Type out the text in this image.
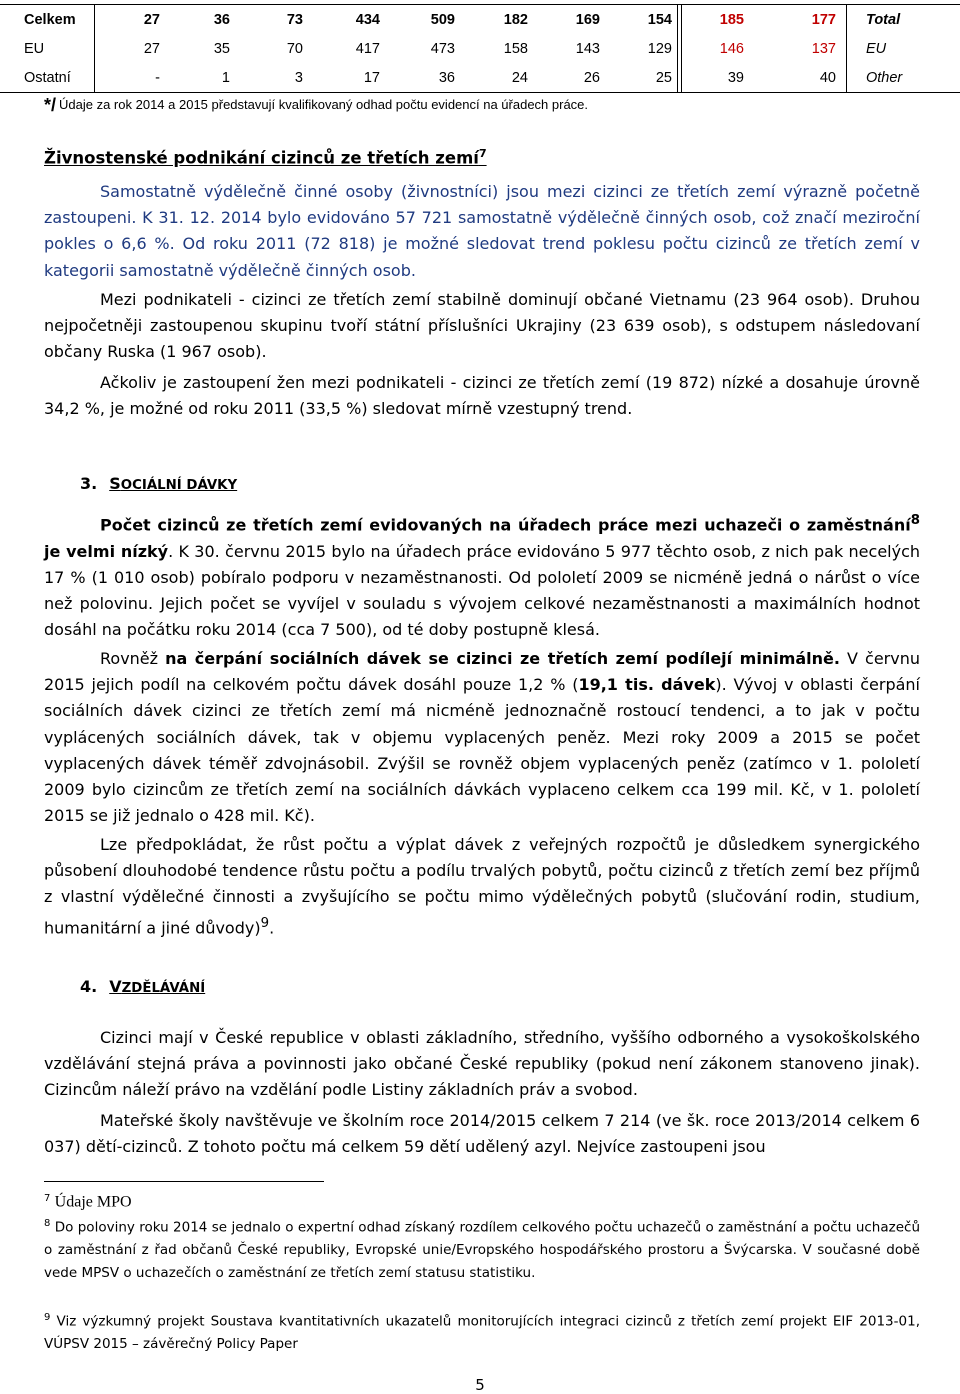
Celkem	27	36	73	434	509	182	169	154	185	177 Total
EU	27	35	70	417	473	158	143	129	146	137 EU
Ostatní	-	1	3	17	36	24	26	25	39	40 Other
*/ Údaje za rok 2014 a 2015 představují kvalifikovaný odhad počtu evidencí na úřadech práce.
Živnostenské podnikání cizinců ze třetích zemí$^7$
Samostatně výdělečně činné osoby (živnostníci) jsou mezi cizinci ze třetích zemí výrazně početně zastoupeni. K 31. 12. 2014 bylo evidováno 57 721 samostatně výdělečně činných osob, což značí meziroční pokles o 6,6 %. Od roku 2011 (72 818) je možné sledovat trend poklesu počtu cizinců ze třetích zemí v kategorii samostatně výdělečně činných osob.
Mezi podnikateli - cizinci ze třetích zemí stabilně dominují občané Vietnamu (23 964 osob). Druhou nejpočetněji zastoupenou skupinu tvoří státní příslušníci Ukrajiny (23 639 osob), s odstupem následovaní občany Ruska (1 967 osob).
Ačkoliv je zastoupení žen mezi podnikateli - cizinci ze třetích zemí (19 872) nízké a dosahuje úrovně 34,2 %, je možné od roku 2011 (33,5 %) sledovat mírně vzestupný trend.
3. SOCIÁLNÍ DÁVKY
Počet cizinců ze třetích zemí evidovaných na úřadech práce mezi uchazeči o zaměstnání$^8$ je velmi nízký. K 30. červnu 2015 bylo na úřadech práce evidováno 5 977 těchto osob, z nich pak necelých 17 % (1 010 osob) pobíralo podporu v nezaměstnanosti. Od pololetí 2009 se nicméně jedná o nárůst o více než polovinu. Jejich počet se vyvíjel v souladu s vývojem celkové nezaměstnanosti a maximálních hodnot dosáhl na počátku roku 2014 (cca 7 500), od té doby postupně klesá.
Rovněž na čerpání sociálních dávek se cizinci ze třetích zemí podílejí minimálně. V červnu 2015 jejich podíl na celkovém počtu dávek dosáhl pouze 1,2 % (19,1 tis. dávek). Vývoj v oblasti čerpání sociálních dávek cizinci ze třetích zemí má nicméně jednoznačně rostoucí tendenci, a to jak v počtu vyplácených sociálních dávek, tak v objemu vyplacených peněz. Mezi roky 2009 a 2015 se počet vyplacených dávek téměř zdvojnásobil. Zvýšil se rovněž objem vyplacených peněz (zatímco v 1. pololetí 2009 bylo cizincům ze třetích zemí na sociálních dávkách vyplaceno celkem cca 199 mil. Kč, v 1. pololetí 2015 se již jednalo o 428 mil. Kč).
Lze předpokládat, že růst počtu a výplat dávek z veřejných rozpočtů je důsledkem synergického působení dlouhodobé tendence růstu počtu a podílu trvalých pobytů, počtu cizinců z třetích zemí bez příjmů z vlastní výdělečné činnosti a zvyšujícího se počtu mimo výdělečných pobytů (slučování rodin, studium, humanitární a jiné důvody)$^9$.
4. VZDĚLÁVÁNÍ
Cizinci mají v České republice v oblasti základního, středního, vyššího odborného a vysokoškolského vzdělávání stejná práva a povinnosti jako občané České republiky (pokud není zákonem stanoveno jinak). Cizincům náleží právo na vzdělání podle Listiny základních práv a svobod.
Mateřské školy navštěvuje ve školním roce 2014/2015 celkem 7 214 (ve šk. roce 2013/2014 celkem 6 037) dětí-cizinců. Z tohoto počtu má celkem 59 dětí udělený azyl. Nejvíce zastoupeni jsou
$^7$ Údaje MPO
$^8$ Do poloviny roku 2014 se jednalo o expertní odhad získaný rozdílem celkového počtu uchazečů o zaměstnání a počtu uchazečů o zaměstnání z řad občanů České republiky, Evropské unie/Evropského hospodářského prostoru a Švýcarska. V současné době vede MPSV o uchazečích o zaměstnání ze třetích zemí statusu statistiku.
$^9$ Viz výzkumný projekt Soustava kvantitativních ukazatelů monitorujících integraci cizinců z třetích zemí projekt EIF 2013-01, VÚPSV 2015 – závěrečný Policy Paper
5
